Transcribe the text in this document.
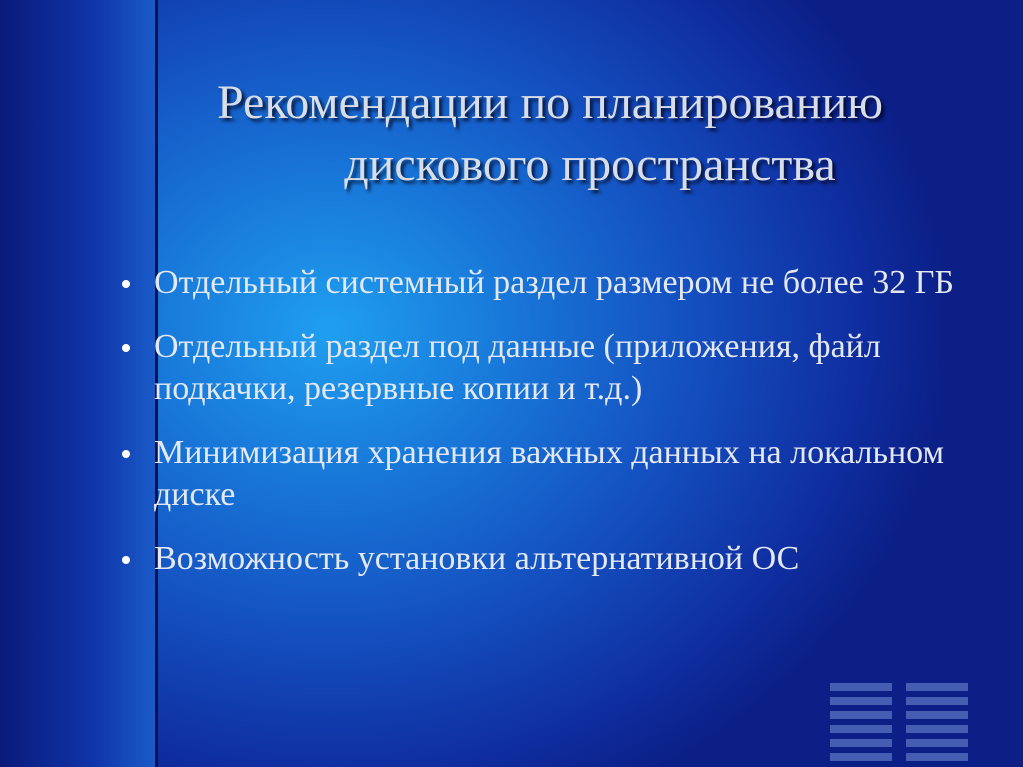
Рекомендации по планированию
дискового пространства
Отдельный системный раздел размером не более 32 ГБ
Отдельный раздел под данные (приложения, файл подкачки, резервные копии и т.д.)
Минимизация хранения важных данных на локальном диске
Возможность установки альтернативной ОС
